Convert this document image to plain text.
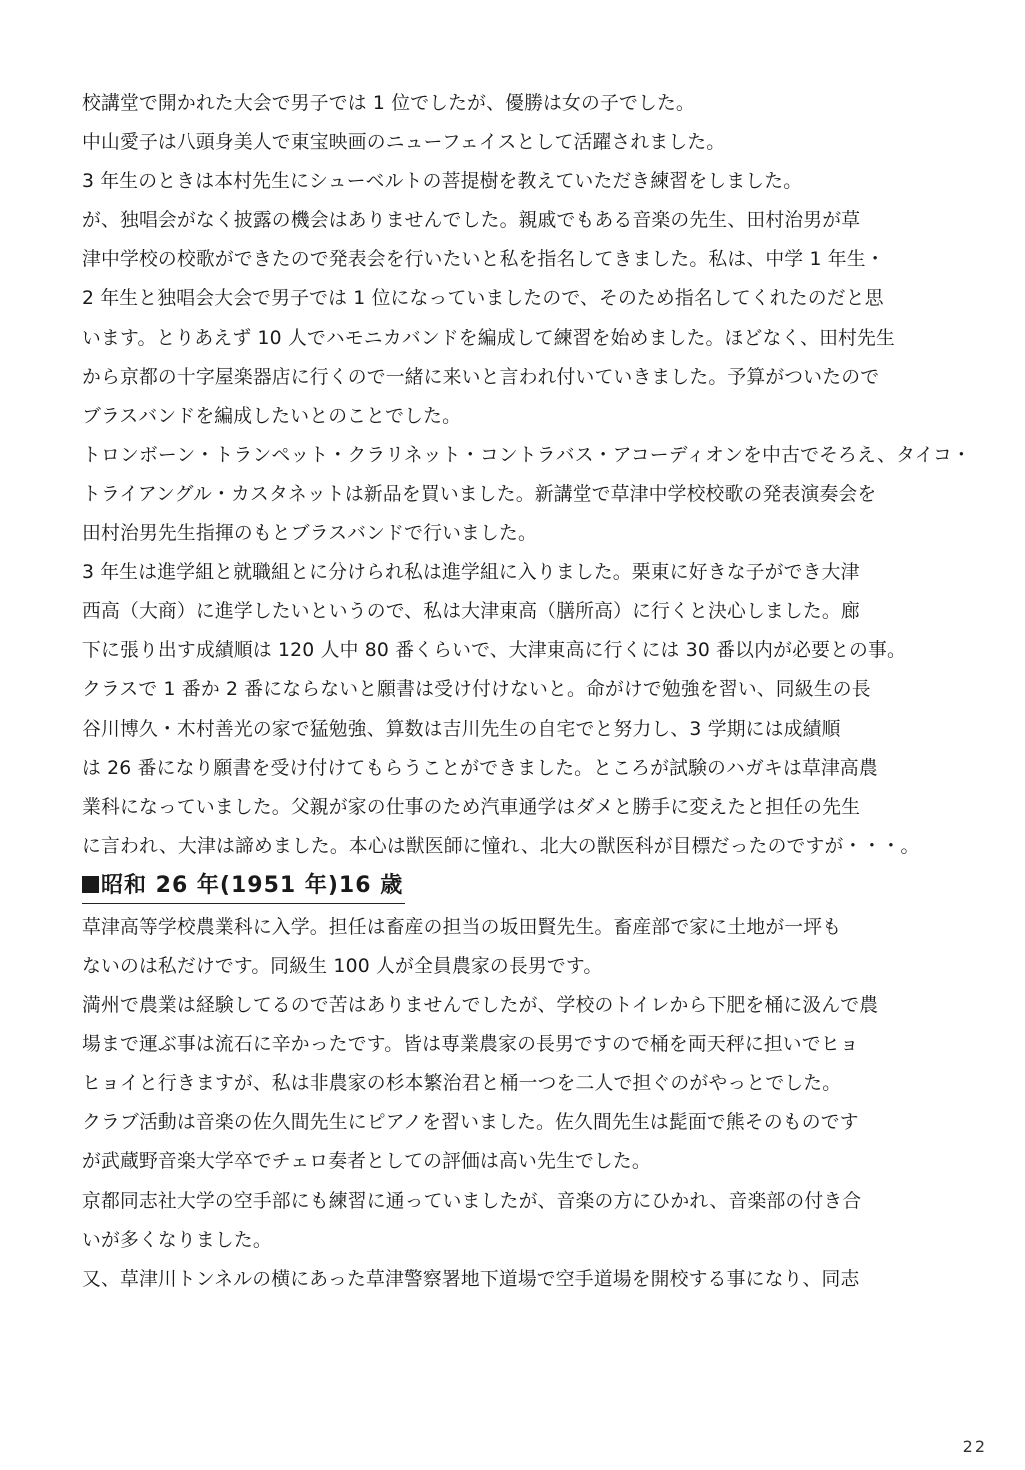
校講堂で開かれた大会で男子では 1 位でしたが、優勝は女の子でした。
中山愛子は八頭身美人で東宝映画のニューフェイスとして活躍されました。
3 年生のときは本村先生にシューベルトの菩提樹を教えていただき練習をしました。
が、独唱会がなく披露の機会はありませんでした。親戚でもある音楽の先生、田村治男が草
津中学校の校歌ができたので発表会を行いたいと私を指名してきました。私は、中学 1 年生・
2 年生と独唱会大会で男子では 1 位になっていましたので、そのため指名してくれたのだと思
います。とりあえず 10 人でハモニカバンドを編成して練習を始めました。ほどなく、田村先生
から京都の十字屋楽器店に行くので一緒に来いと言われ付いていきました。予算がついたので
ブラスバンドを編成したいとのことでした。
トロンボーン・トランペット・クラリネット・コントラバス・アコーディオンを中古でそろえ、タイコ・
トライアングル・カスタネットは新品を買いました。新講堂で草津中学校校歌の発表演奏会を
田村治男先生指揮のもとブラスバンドで行いました。
3 年生は進学組と就職組とに分けられ私は進学組に入りました。栗東に好きな子ができ大津
西高（大商）に進学したいというので、私は大津東高（膳所高）に行くと決心しました。廊
下に張り出す成績順は 120 人中 80 番くらいで、大津東高に行くには 30 番以内が必要との事。
クラスで 1 番か 2 番にならないと願書は受け付けないと。命がけで勉強を習い、同級生の長
谷川博久・木村善光の家で猛勉強、算数は吉川先生の自宅でと努力し、3 学期には成績順
は 26 番になり願書を受け付けてもらうことができました。ところが試験のハガキは草津高農
業科になっていました。父親が家の仕事のため汽車通学はダメと勝手に変えたと担任の先生
に言われ、大津は諦めました。本心は獣医師に憧れ、北大の獣医科が目標だったのですが・・・。
昭和 26 年(1951 年)16 歳
草津高等学校農業科に入学。担任は畜産の担当の坂田賢先生。畜産部で家に土地が一坪も
ないのは私だけです。同級生 100 人が全員農家の長男です。
満州で農業は経験してるので苦はありませんでしたが、学校のトイレから下肥を桶に汲んで農
場まで運ぶ事は流石に辛かったです。皆は専業農家の長男ですので桶を両天秤に担いでヒョ
ヒョイと行きますが、私は非農家の杉本繁治君と桶一つを二人で担ぐのがやっとでした。
クラブ活動は音楽の佐久間先生にピアノを習いました。佐久間先生は髭面で熊そのものです
が武蔵野音楽大学卒でチェロ奏者としての評価は高い先生でした。
京都同志社大学の空手部にも練習に通っていましたが、音楽の方にひかれ、音楽部の付き合
いが多くなりました。
又、草津川トンネルの横にあった草津警察署地下道場で空手道場を開校する事になり、同志
22
